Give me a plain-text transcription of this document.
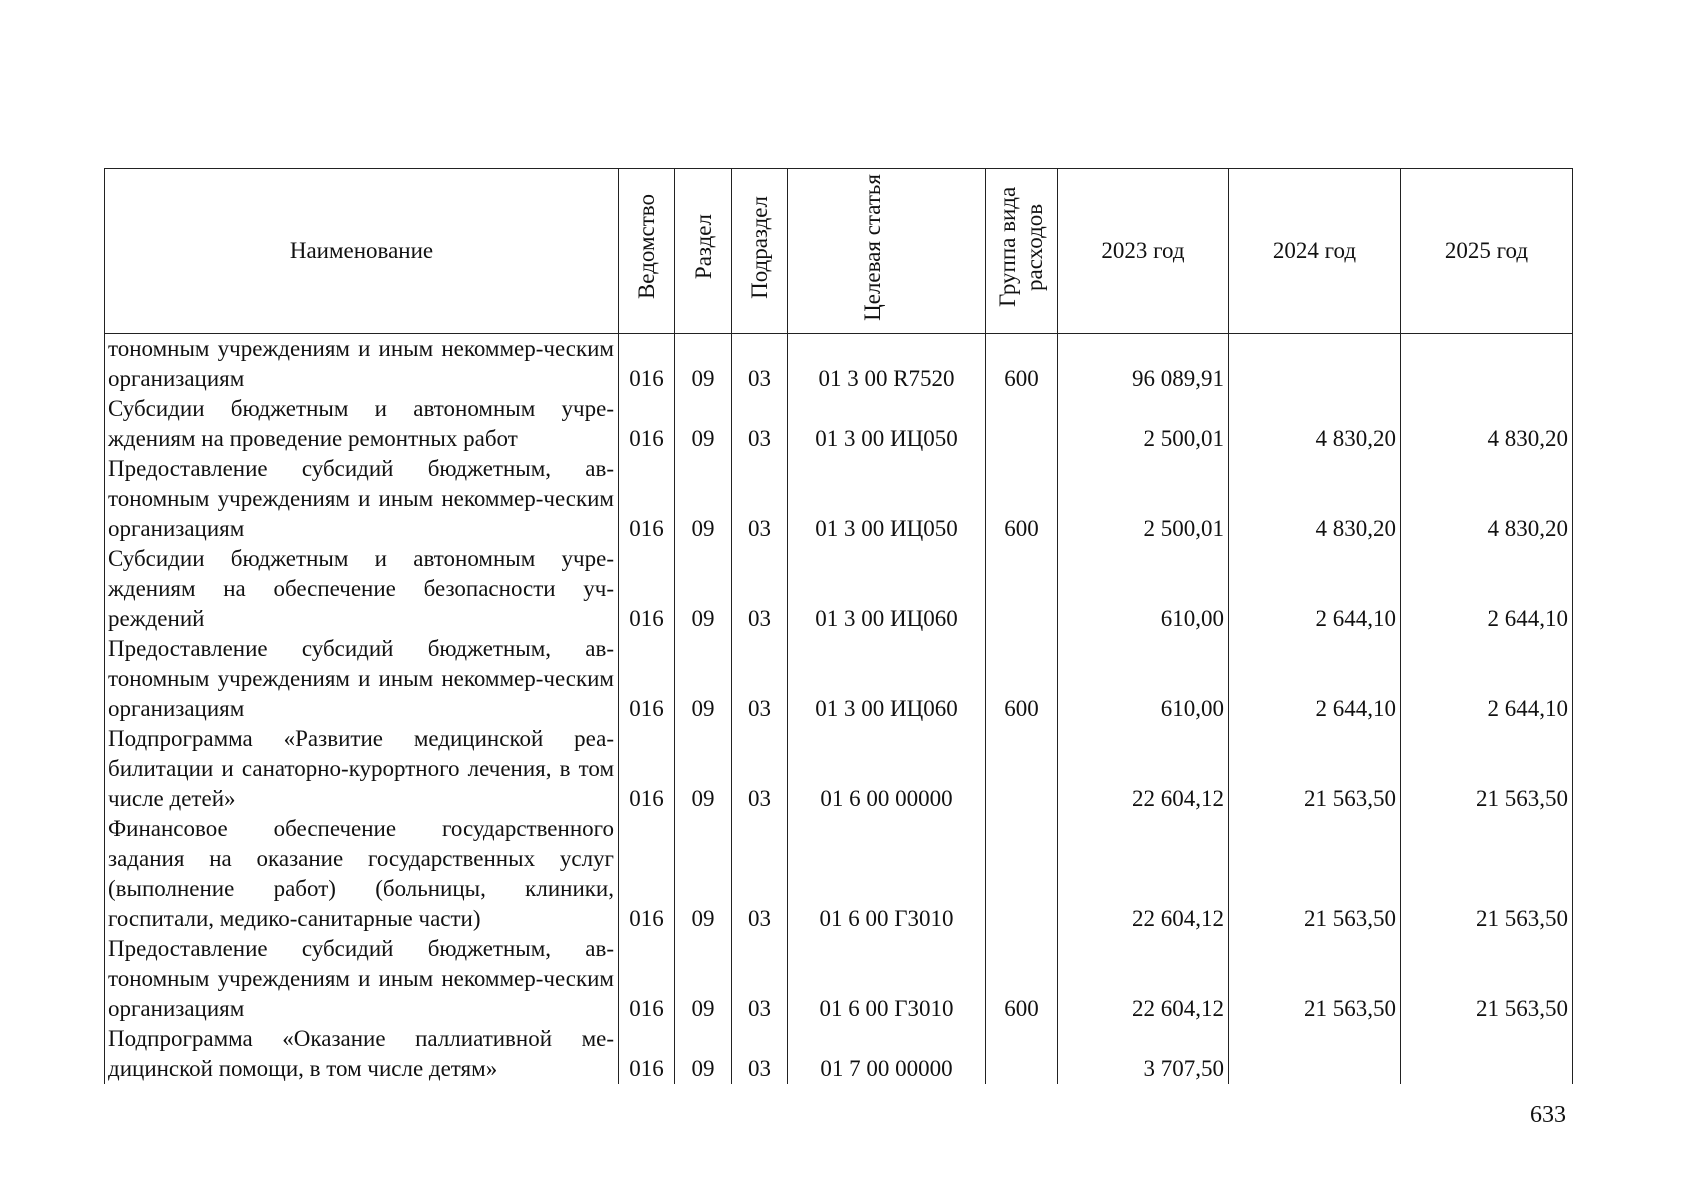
Наименование	Ведомство	Раздел	Подраздел	Целевая статья	Группа вида расходов	2023 год	2024 год	2025 год
тономным учреждениям и иным некоммер-ческим организациям	016	09	03	01 3 00 R7520	600	96 089,91		
Субсидии бюджетным и автономным учре-ждениям на проведение ремонтных работ	016	09	03	01 3 00 ИЦ050		2 500,01	4 830,20	4 830,20
Предоставление субсидий бюджетным, ав-тономным учреждениям и иным некоммер-ческим организациям	016	09	03	01 3 00 ИЦ050	600	2 500,01	4 830,20	4 830,20
Субсидии бюджетным и автономным учре-ждениям на обеспечение безопасности уч-реждений	016	09	03	01 3 00 ИЦ060		610,00	2 644,10	2 644,10
Предоставление субсидий бюджетным, ав-тономным учреждениям и иным некоммер-ческим организациям	016	09	03	01 3 00 ИЦ060	600	610,00	2 644,10	2 644,10
Подпрограмма «Развитие медицинской реа-билитации и санаторно-курортного лечения, в том числе детей»	016	09	03	01 6 00 00000		22 604,12	21 563,50	21 563,50
Финансовое обеспечение государственного задания на оказание государственных услуг (выполнение работ) (больницы, клиники, госпитали, медико-санитарные части)	016	09	03	01 6 00 Г3010		22 604,12	21 563,50	21 563,50
Предоставление субсидий бюджетным, ав-тономным учреждениям и иным некоммер-ческим организациям	016	09	03	01 6 00 Г3010	600	22 604,12	21 563,50	21 563,50
Подпрограмма «Оказание паллиативной ме-дицинской помощи, в том числе детям»	016	09	03	01 7 00 00000		3 707,50		
633
